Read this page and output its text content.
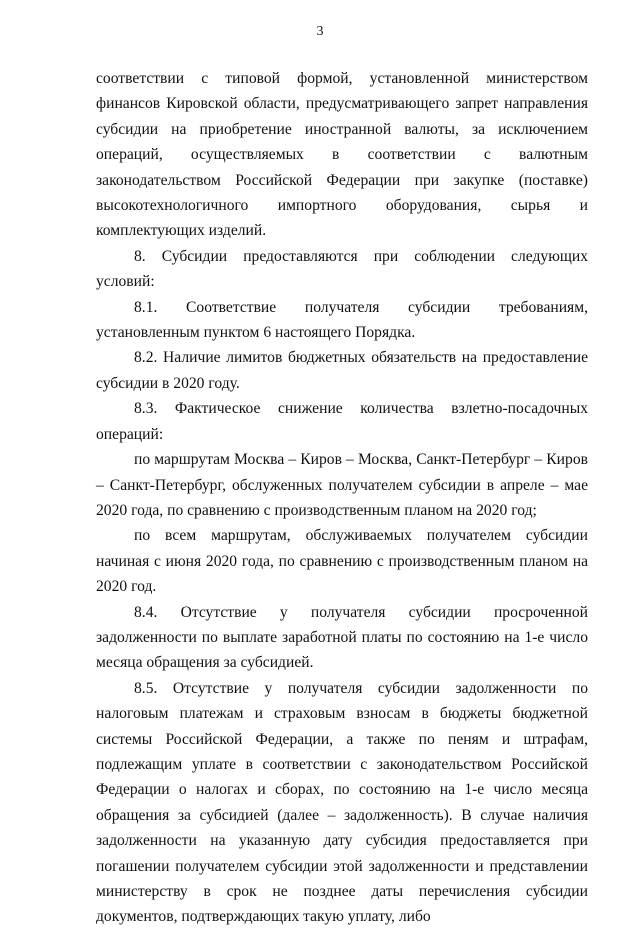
3

соответствии с типовой формой, установленной министерством финансов Кировской области, предусматривающего запрет направления субсидии на приобретение иностранной валюты, за исключением операций, осуществляемых в соответствии с валютным законодательством Российской Федерации при закупке (поставке) высокотехнологичного импортного оборудования, сырья и комплектующих изделий.

8. Субсидии предоставляются при соблюдении следующих условий:

8.1. Соответствие получателя субсидии требованиям, установленным пунктом 6 настоящего Порядка.

8.2. Наличие лимитов бюджетных обязательств на предоставление субсидии в 2020 году.

8.3. Фактическое снижение количества взлетно-посадочных операций:

по маршрутам Москва – Киров – Москва, Санкт-Петербург – Киров – Санкт-Петербург, обслуженных получателем субсидии в апреле – мае 2020 года, по сравнению с производственным планом на 2020 год;

по всем маршрутам, обслуживаемых получателем субсидии начиная с июня 2020 года, по сравнению с производственным планом на 2020 год.

8.4. Отсутствие у получателя субсидии просроченной задолженности по выплате заработной платы по состоянию на 1-е число месяца обращения за субсидией.

8.5. Отсутствие у получателя субсидии задолженности по налоговым платежам и страховым взносам в бюджеты бюджетной системы Российской Федерации, а также по пеням и штрафам, подлежащим уплате в соответствии с законодательством Российской Федерации о налогах и сборах, по состоянию на 1-е число месяца обращения за субсидией (далее – задолженность). В случае наличия задолженности на указанную дату субсидия предоставляется при погашении получателем субсидии этой задолженности и представлении министерству в срок не позднее даты перечисления субсидии документов, подтверждающих такую уплату, либо
